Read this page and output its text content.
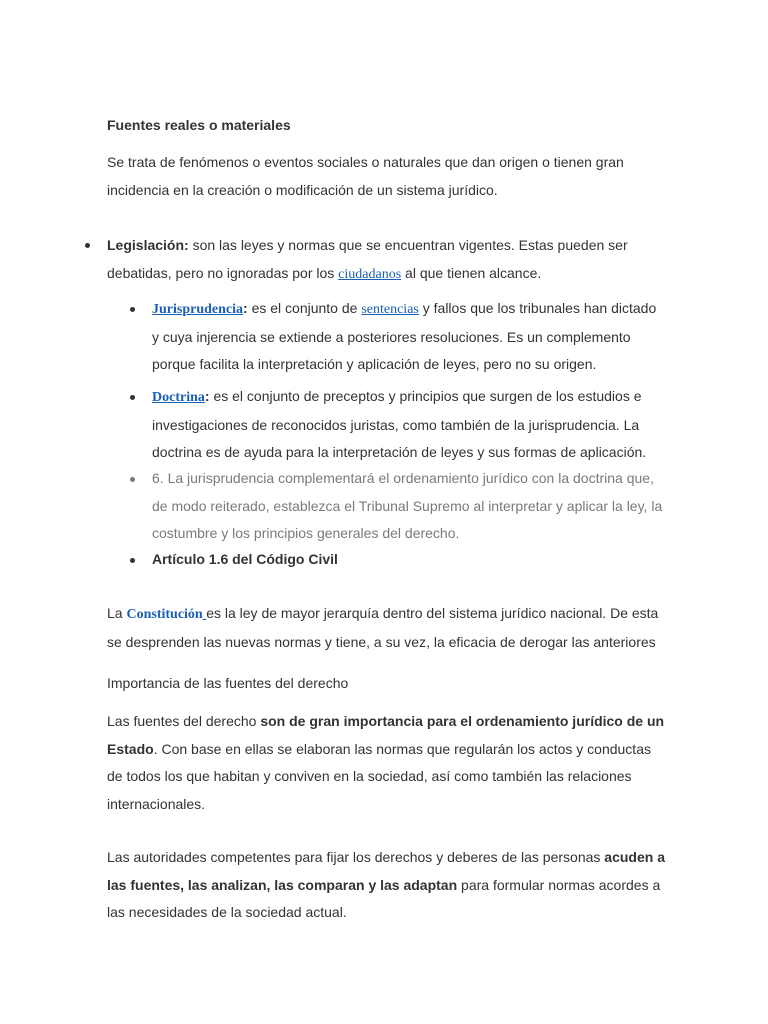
Fuentes reales o materiales

Se trata de fenómenos o eventos sociales o naturales que dan origen o tienen gran incidencia en la creación o modificación de un sistema jurídico.

Legislación: son las leyes y normas que se encuentran vigentes. Estas pueden ser debatidas, pero no ignoradas por los ciudadanos al que tienen alcance.

Jurisprudencia: es el conjunto de sentencias y fallos que los tribunales han dictado y cuya injerencia se extiende a posteriores resoluciones. Es un complemento porque facilita la interpretación y aplicación de leyes, pero no su origen.

Doctrina: es el conjunto de preceptos y principios que surgen de los estudios e investigaciones de reconocidos juristas, como también de la jurisprudencia. La doctrina es de ayuda para la interpretación de leyes y sus formas de aplicación.

6. La jurisprudencia complementará el ordenamiento jurídico con la doctrina que, de modo reiterado, establezca el Tribunal Supremo al interpretar y aplicar la ley, la costumbre y los principios generales del derecho.

Artículo 1.6 del Código Civil

La Constitución es la ley de mayor jerarquía dentro del sistema jurídico nacional. De esta se desprenden las nuevas normas y tiene, a su vez, la eficacia de derogar las anteriores

Importancia de las fuentes del derecho

Las fuentes del derecho son de gran importancia para el ordenamiento jurídico de un Estado. Con base en ellas se elaboran las normas que regularán los actos y conductas de todos los que habitan y conviven en la sociedad, así como también las relaciones internacionales.

Las autoridades competentes para fijar los derechos y deberes de las personas acuden a las fuentes, las analizan, las comparan y las adaptan para formular normas acordes a las necesidades de la sociedad actual.
